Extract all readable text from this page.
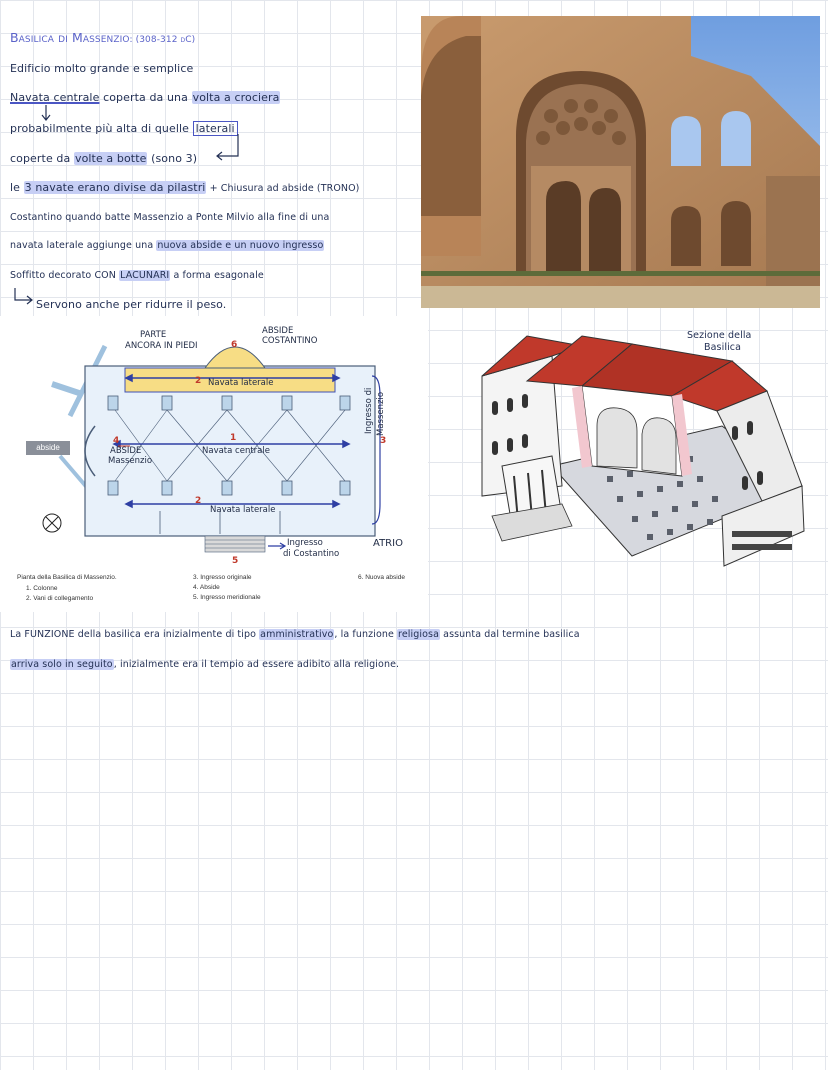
Basilica di Massenzio: (308-312 dC)
Edificio molto grande e semplice
Navata centrale coperta da una volta a crociera
probabilmente più alta di quelle laterali
coperte da volte a botte (sono 3)
le 3 navate erano divise da pilastri + Chiusura ad abside (TRONO)
Costantino quando batte Massenzio a Ponte Milvio alla fine di una
navata laterale aggiunge una nuova abside e un nuovo ingresso
Soffitto decorato CON LACUNARI a forma esagonale
Servono anche per ridurre il peso.
PARTE
ANCORA IN PIEDI
ABSIDE
COSTANTINO
Navata laterale
Navata centrale
Navata laterale
ABSIDE
Massenzio
Ingresso di Massenzio
Ingresso
di Costantino
ATRIO
6
2
1
4	3
2
5
Pianta della Basilica di Massenzio.
1. Colonne
2. Vani di collegamento
3. Ingresso originale
4. Abside
5. Ingresso meridionale
6. Nuova abside
abside
Sezione della
Basilica
La FUNZIONE della basilica era inizialmente di tipo amministrativo, la funzione religiosa assunta dal termine basilica
arriva solo in seguito, inizialmente era il tempio ad essere adibito alla religione.
